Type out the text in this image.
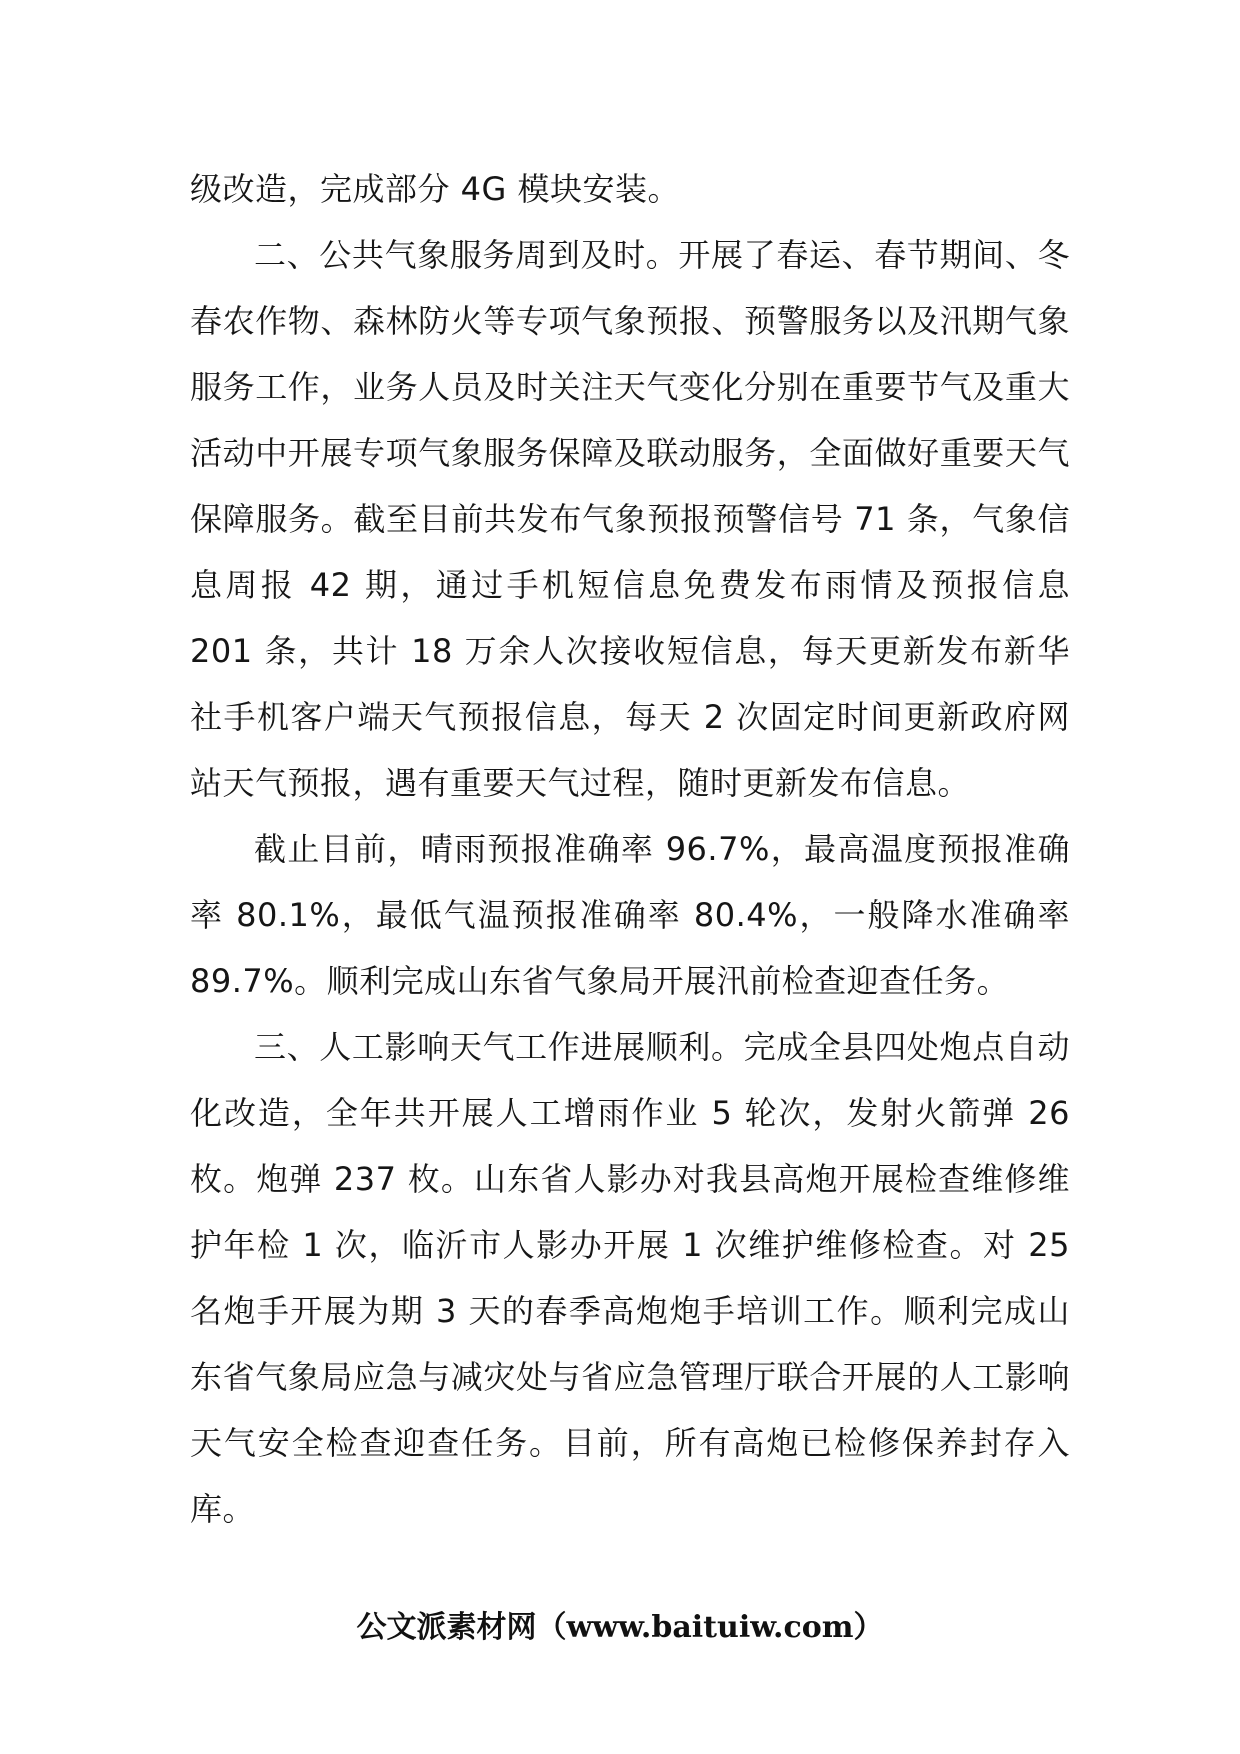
级改造，完成部分 4G 模块安装。

二、公共气象服务周到及时。开展了春运、春节期间、冬春农作物、森林防火等专项气象预报、预警服务以及汛期气象服务工作，业务人员及时关注天气变化分别在重要节气及重大活动中开展专项气象服务保障及联动服务，全面做好重要天气保障服务。截至目前共发布气象预报预警信号 71 条，气象信息周报 42 期，通过手机短信息免费发布雨情及预报信息 201 条，共计 18 万余人次接收短信息，每天更新发布新华社手机客户端天气预报信息，每天 2 次固定时间更新政府网站天气预报，遇有重要天气过程，随时更新发布信息。

截止目前，晴雨预报准确率 96.7%，最高温度预报准确率 80.1%，最低气温预报准确率 80.4%，一般降水准确率 89.7%。顺利完成山东省气象局开展汛前检查迎查任务。

三、人工影响天气工作进展顺利。完成全县四处炮点自动化改造，全年共开展人工增雨作业 5 轮次，发射火箭弹 26 枚。炮弹 237 枚。山东省人影办对我县高炮开展检查维修维护年检 1 次，临沂市人影办开展 1 次维护维修检查。对 25 名炮手开展为期 3 天的春季高炮炮手培训工作。顺利完成山东省气象局应急与减灾处与省应急管理厅联合开展的人工影响天气安全检查迎查任务。目前，所有高炮已检修保养封存入库。

公文派素材网（www.baituiw.com）
